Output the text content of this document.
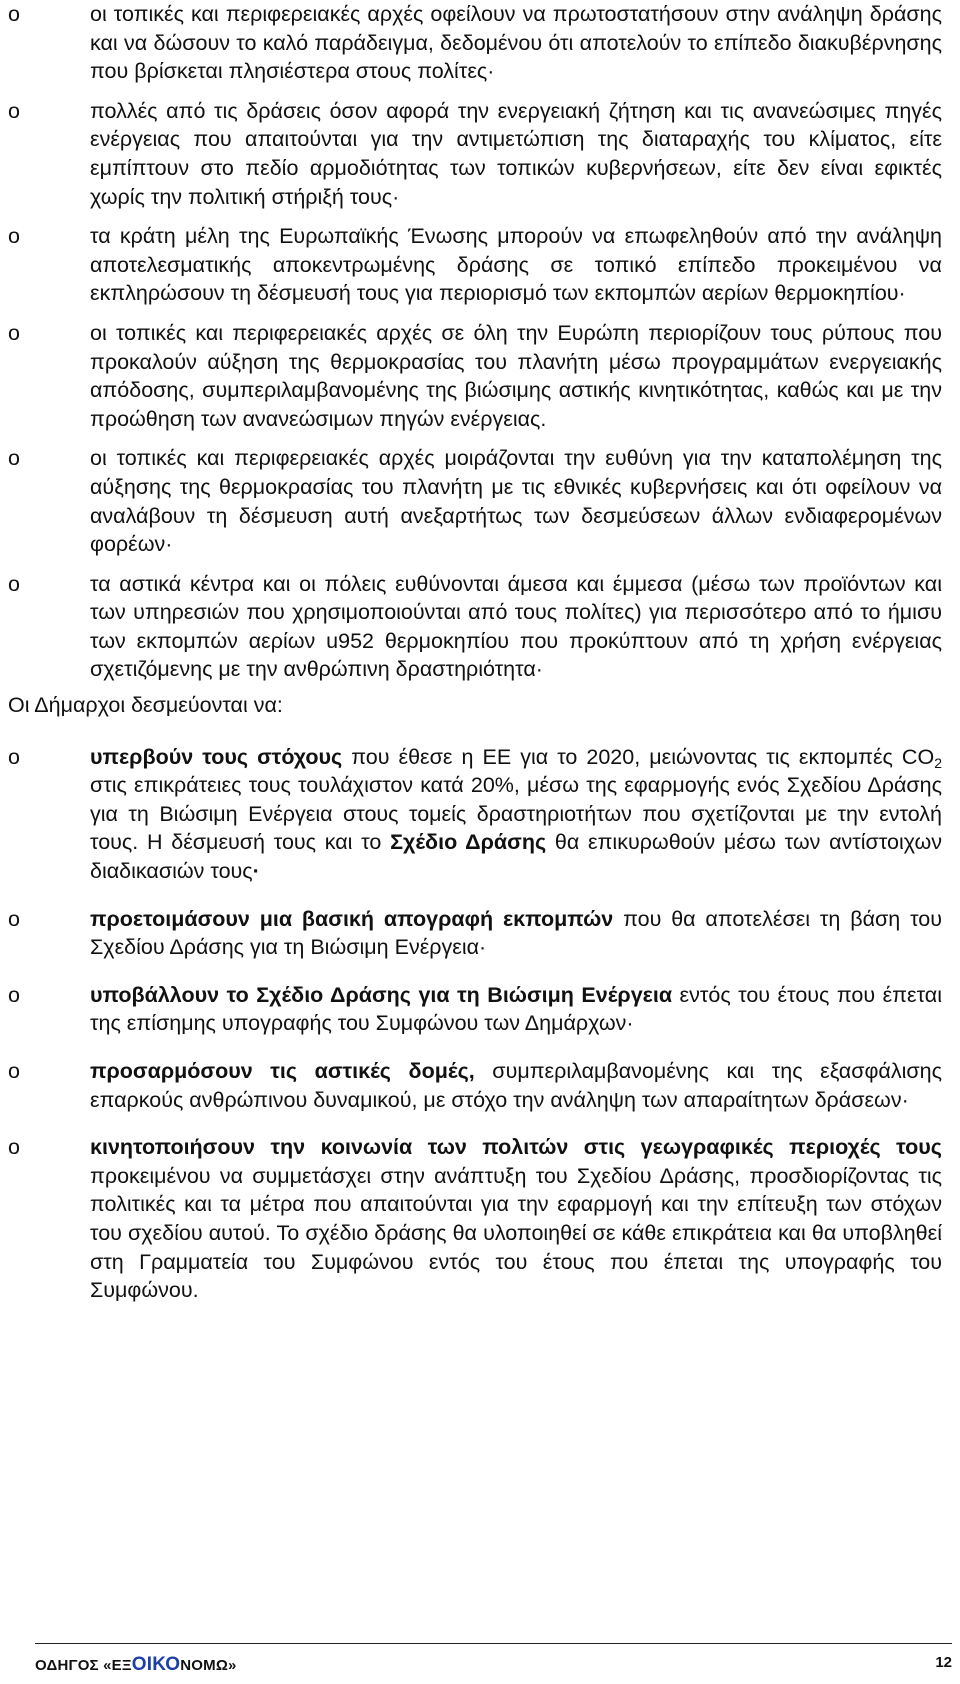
o	οι τοπικές και περιφερειακές αρχές οφείλουν να πρωτοστατήσουν στην ανάληψη δράσης και να δώσουν το καλό παράδειγμα, δεδομένου ότι αποτελούν το επίπεδο διακυβέρνησης που βρίσκεται πλησιέστερα στους πολίτες·
o	πολλές από τις δράσεις όσον αφορά την ενεργειακή ζήτηση και τις ανανεώσιμες πηγές ενέργειας που απαιτούνται για την αντιμετώπιση της διαταραχής του κλίματος, είτε εμπίπτουν στο πεδίο αρμοδιότητας των τοπικών κυβερνήσεων, είτε δεν είναι εφικτές χωρίς την πολιτική στήριξή τους·
o	τα κράτη μέλη της Ευρωπαϊκής Ένωσης μπορούν να επωφεληθούν από την ανάληψη αποτελεσματικής αποκεντρωμένης δράσης σε τοπικό επίπεδο προκειμένου να εκπληρώσουν τη δέσμευσή τους για περιορισμό των εκπομπών αερίων θερμοκηπίου·
o	οι τοπικές και περιφερειακές αρχές σε όλη την Ευρώπη περιορίζουν τους ρύπους που προκαλούν αύξηση της θερμοκρασίας του πλανήτη μέσω προγραμμάτων ενεργειακής απόδοσης, συμπεριλαμβανομένης της βιώσιμης αστικής κινητικότητας, καθώς και με την προώθηση των ανανεώσιμων πηγών ενέργειας.
o	οι τοπικές και περιφερειακές αρχές μοιράζονται την ευθύνη για την καταπολέμηση της αύξησης της θερμοκρασίας του πλανήτη με τις εθνικές κυβερνήσεις και ότι οφείλουν να αναλάβουν τη δέσμευση αυτή ανεξαρτήτως των δεσμεύσεων άλλων ενδιαφερομένων φορέων·
o	τα αστικά κέντρα και οι πόλεις ευθύνονται άμεσα και έμμεσα (μέσω των προϊόντων και των υπηρεσιών που χρησιμοποιούνται από τους πολίτες) για περισσότερο από το ήμισυ των εκπομπών αερίων u952 θερμοκηπίου που προκύπτουν από τη χρήση ενέργειας σχετιζόμενης με την ανθρώπινη δραστηριότητα·

Οι Δήμαρχοι δεσμεύονται να:

o	υπερβούν τους στόχους που έθεσε η ΕΕ για το 2020, μειώνοντας τις εκπομπές $CO_2$ στις επικράτειες τους τουλάχιστον κατά 20%, μέσω της εφαρμογής ενός Σχεδίου Δράσης για τη Βιώσιμη Ενέργεια στους τομείς δραστηριοτήτων που σχετίζονται με την εντολή τους. Η δέσμευσή τους και το Σχέδιο Δράσης θα επικυρωθούν μέσω των αντίστοιχων διαδικασιών τους·
o	προετοιμάσουν μια βασική απογραφή εκπομπών που θα αποτελέσει τη βάση του Σχεδίου Δράσης για τη Βιώσιμη Ενέργεια·
o	υποβάλλουν το Σχέδιο Δράσης για τη Βιώσιμη Ενέργεια εντός του έτους που έπεται της επίσημης υπογραφής του Συμφώνου των Δημάρχων·
o	προσαρμόσουν τις αστικές δομές, συμπεριλαμβανομένης και της εξασφάλισης επαρκούς ανθρώπινου δυναμικού, με στόχο την ανάληψη των απαραίτητων δράσεων·
o	κινητοποιήσουν την κοινωνία των πολιτών στις γεωγραφικές περιοχές τους προκειμένου να συμμετάσχει στην ανάπτυξη του Σχεδίου Δράσης, προσδιορίζοντας τις πολιτικές και τα μέτρα που απαιτούνται για την εφαρμογή και την επίτευξη των στόχων του σχεδίου αυτού. Το σχέδιο δράσης θα υλοποιηθεί σε κάθε επικράτεια και θα υποβληθεί στη Γραμματεία του Συμφώνου εντός του έτους που έπεται της υπογραφής του Συμφώνου.
ΟΔΗΓΟΣ «ΕΞΟΙΚΟΝΟΜΩ»	12
